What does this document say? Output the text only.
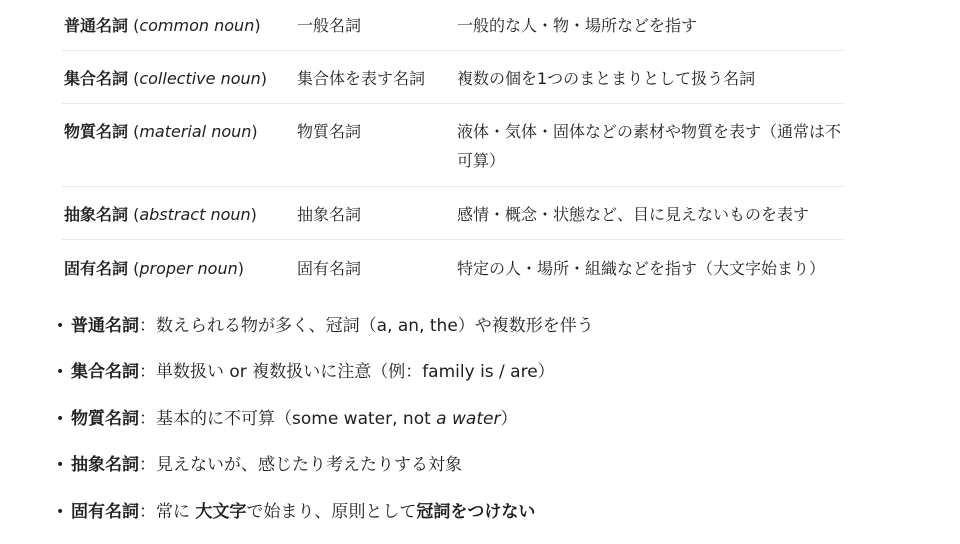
普通名詞 (common noun)	一般名詞	一般的な人・物・場所などを指す
集合名詞 (collective noun)	集合体を表す名詞	複数の個を1つのまとまりとして扱う名詞
物質名詞 (material noun)	物質名詞	液体・気体・固体などの素材や物質を表す（通常は不可算）
抽象名詞 (abstract noun)	抽象名詞	感情・概念・状態など、目に見えないものを表す
固有名詞 (proper noun)	固有名詞	特定の人・場所・組織などを指す（大文字始まり）
• 普通名詞：数えられる物が多く、冠詞（a, an, the）や複数形を伴う
• 集合名詞：単数扱い or 複数扱いに注意（例：family is / are）
• 物質名詞：基本的に不可算（some water, not a water）
• 抽象名詞：見えないが、感じたり考えたりする対象
• 固有名詞：常に 大文字で始まり、原則として冠詞をつけない
